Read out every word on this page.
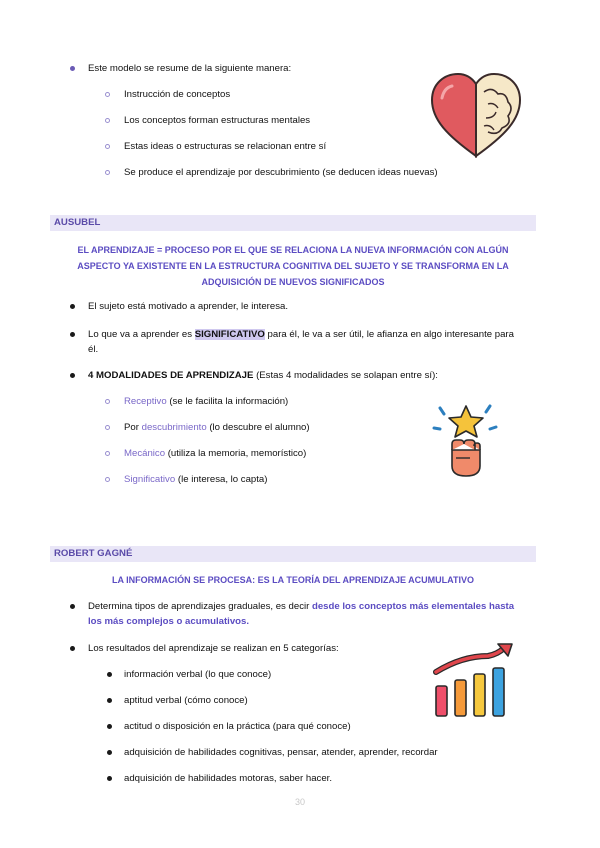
Este modelo se resume de la siguiente manera:
Instrucción de conceptos
Los conceptos forman estructuras mentales
Estas ideas o estructuras se relacionan entre sí
Se produce el aprendizaje por descubrimiento (se deducen ideas nuevas)
AUSUBEL
EL APRENDIZAJE = PROCESO POR EL QUE SE RELACIONA LA NUEVA INFORMACIÓN CON ALGÚN
ASPECTO YA EXISTENTE EN LA ESTRUCTURA COGNITIVA DEL SUJETO Y SE TRANSFORMA EN LA
ADQUISICIÓN DE NUEVOS SIGNIFICADOS
El sujeto está motivado a aprender, le interesa.
Lo que va a aprender es SIGNIFICATIVO para él, le va a ser útil, le afianza en algo interesante para
él.
4 MODALIDADES DE APRENDIZAJE (Estas 4 modalidades se solapan entre sí):
Receptivo (se le facilita la información)
Por descubrimiento (lo descubre el alumno)
Mecánico (utiliza la memoria, memorístico)
Significativo (le interesa, lo capta)
ROBERT GAGNÉ
LA INFORMACIÓN SE PROCESA: ES LA TEORÍA DEL APRENDIZAJE ACUMULATIVO
Determina tipos de aprendizajes graduales, es decir desde los conceptos más elementales hasta
los más complejos o acumulativos.
Los resultados del aprendizaje se realizan en 5 categorías:
información verbal (lo que conoce)
aptitud verbal (cómo conoce)
actitud o disposición en la práctica (para qué conoce)
adquisición de habilidades cognitivas, pensar, atender, aprender, recordar
adquisición de habilidades motoras, saber hacer.
30
